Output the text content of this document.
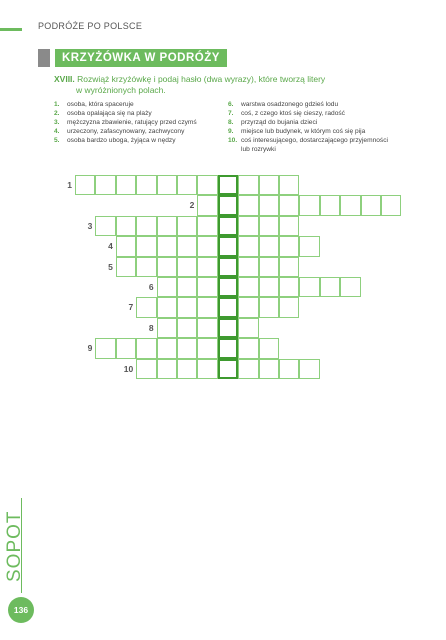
PODRÓŻE PO POLSCE
KRZYŻÓWKA W PODRÓŻY
XVIII. Rozwiąż krzyżówkę i podaj hasło (dwa wyrazy), które tworzą litery
w wyróżnionych polach.
1.	osoba, która spaceruje
2.	osoba opalająca się na plaży
3.	mężczyzna zbawienie, ratujący przed czymś
4.	urzeczony, zafascynowany, zachwycony
5.	osoba bardzo uboga, żyjąca w nędzy
6.	warstwa osadzonego gdzieś lodu
7.	coś, z czego ktoś się cieszy, radość
8.	przyrząd do bujania dzieci
9.	miejsce lub budynek, w którym coś się pija
10. coś interesującego, dostarczającego przyjemności lub rozrywki
1
2
3
4
5
6
7
8
9
10
SOPOT
136
